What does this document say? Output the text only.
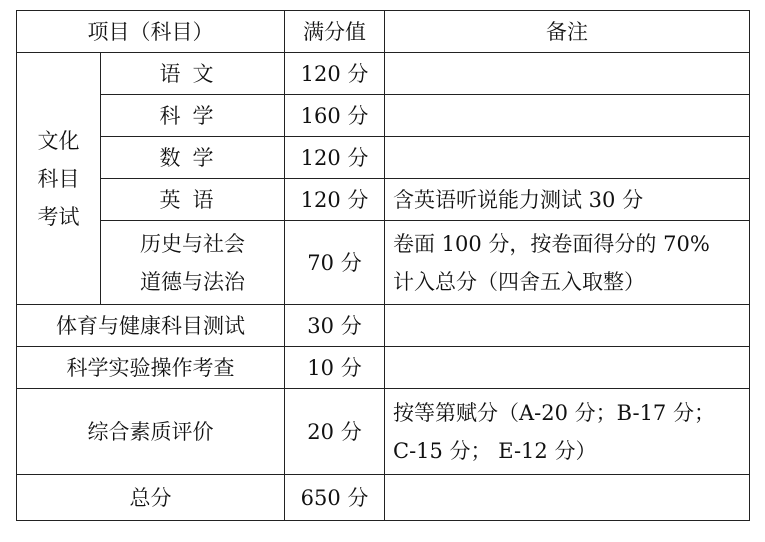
项目（科目）		满分值	备注
文化
科目
考试	语文	120 分	
	科学	160 分	
	数学	120 分	
	英语	120 分	含英语听说能力测试 30 分
	历史与社会
道德与法治	70 分	卷面 100 分，按卷面得分的 70%
计入总分（四舍五入取整）
体育与健康科目测试		30 分	
科学实验操作考查		10 分	
综合素质评价		20 分	按等第赋分（A-20 分；B-17 分；
C-15 分； E-12 分）
总分		650 分	
